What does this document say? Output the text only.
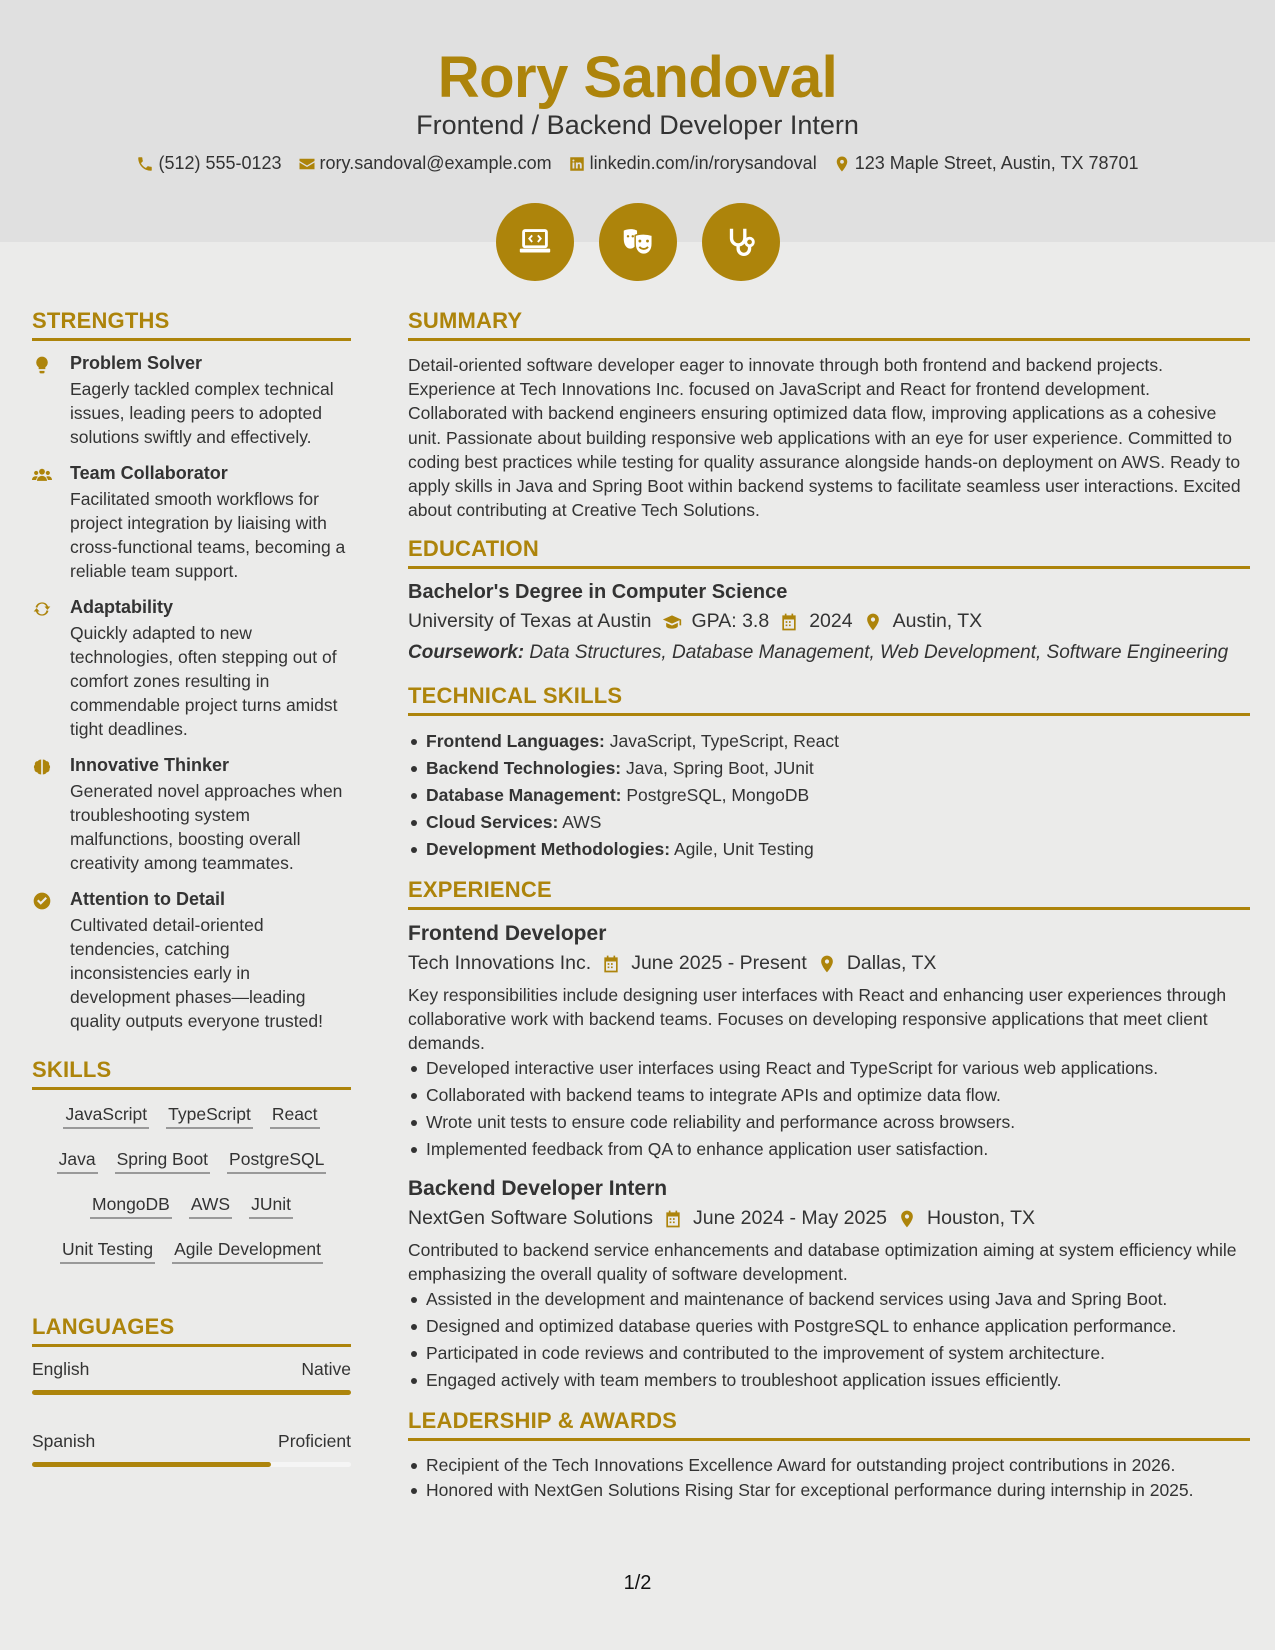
Rory Sandoval
Frontend / Backend Developer Intern
(512) 555-0123 rory.sandoval@example.com linkedin.com/in/rorysandoval 123 Maple Street, Austin, TX 78701
STRENGTHS
Problem Solver
Eagerly tackled complex technical issues, leading peers to adopted solutions swiftly and effectively.
Team Collaborator
Facilitated smooth workflows for project integration by liaising with cross-functional teams, becoming a reliable team support.
Adaptability
Quickly adapted to new technologies, often stepping out of comfort zones resulting in commendable project turns amidst tight deadlines.
Innovative Thinker
Generated novel approaches when troubleshooting system malfunctions, boosting overall creativity among teammates.
Attention to Detail
Cultivated detail-oriented tendencies, catching inconsistencies early in development phases—leading quality outputs everyone trusted!
SKILLS
JavaScript TypeScript React
Java Spring Boot PostgreSQL
MongoDB AWS JUnit
Unit Testing Agile Development
LANGUAGES
English	Native
Spanish	Proficient
SUMMARY
Detail-oriented software developer eager to innovate through both frontend and backend projects. Experience at Tech Innovations Inc. focused on JavaScript and React for frontend development. Collaborated with backend engineers ensuring optimized data flow, improving applications as a cohesive unit. Passionate about building responsive web applications with an eye for user experience. Committed to coding best practices while testing for quality assurance alongside hands-on deployment on AWS. Ready to apply skills in Java and Spring Boot within backend systems to facilitate seamless user interactions. Excited about contributing at Creative Tech Solutions.
EDUCATION
Bachelor's Degree in Computer Science
University of Texas at Austin GPA: 3.8 2024 Austin, TX
Coursework: Data Structures, Database Management, Web Development, Software Engineering
TECHNICAL SKILLS
Frontend Languages: JavaScript, TypeScript, React
Backend Technologies: Java, Spring Boot, JUnit
Database Management: PostgreSQL, MongoDB
Cloud Services: AWS
Development Methodologies: Agile, Unit Testing
EXPERIENCE
Frontend Developer
Tech Innovations Inc. June 2025 - Present Dallas, TX
Key responsibilities include designing user interfaces with React and enhancing user experiences through collaborative work with backend teams. Focuses on developing responsive applications that meet client demands.
Developed interactive user interfaces using React and TypeScript for various web applications.
Collaborated with backend teams to integrate APIs and optimize data flow.
Wrote unit tests to ensure code reliability and performance across browsers.
Implemented feedback from QA to enhance application user satisfaction.
Backend Developer Intern
NextGen Software Solutions June 2024 - May 2025 Houston, TX
Contributed to backend service enhancements and database optimization aiming at system efficiency while emphasizing the overall quality of software development.
Assisted in the development and maintenance of backend services using Java and Spring Boot.
Designed and optimized database queries with PostgreSQL to enhance application performance.
Participated in code reviews and contributed to the improvement of system architecture.
Engaged actively with team members to troubleshoot application issues efficiently.
LEADERSHIP & AWARDS
Recipient of the Tech Innovations Excellence Award for outstanding project contributions in 2026.
Honored with NextGen Solutions Rising Star for exceptional performance during internship in 2025.
1/2
